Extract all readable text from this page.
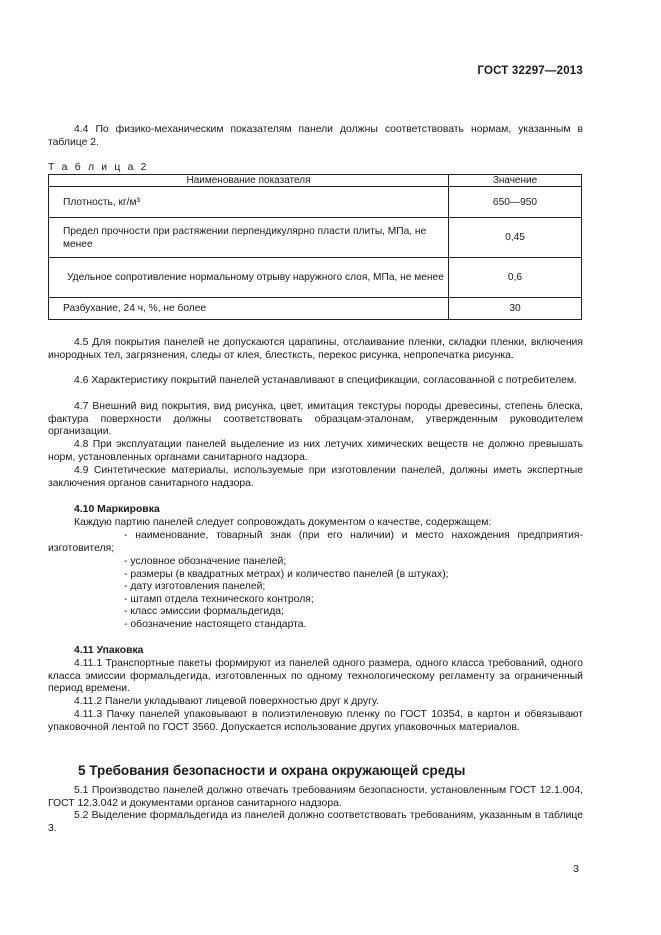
ГОСТ 32297—2013
4.4 По физико-механическим показателям панели должны соответствовать нормам, указанным в таблице 2.
Т а б л и ц а 2
Наименование показателя	Значение
Плотность, кг/м³	650—950
Предел прочности при растяжении перпендикулярно пласти плиты, МПа, не менее	0,45
Удельное сопротивление нормальному отрыву наружного слоя, МПа, не менее	0,6
Разбухание, 24 ч, %, не более	30
4.5 Для покрытия панелей не допускаются царапины, отслаивание пленки, складки пленки, включения инородных тел, загрязнения, следы от клея, блестксть, перекос рисунка, непропечатка рисунка.
4.6 Характеристику покрытий панелей устанавливают в спецификации, согласованной с потребителем.
4.7 Внешний вид покрытия, вид рисунка, цвет, имитация текстуры породы древесины, степень блеска, фактура поверхности должны соответствовать образцам-эталонам, утвержденным руководителем организации.
4.8 При эксплуатации панелей выделение из них летучих химических веществ не должно превышать норм, установленных органами санитарного надзора.
4.9 Синтетические материалы, используемые при изготовлении панелей, должны иметь экспертные заключения органов санитарного надзора.
4.10 Маркировка
Каждую партию панелей следует сопровождать документом о качестве, содержащем:
- наименование, товарный знак (при его наличии) и место нахождения предприятия-изготовителя;
- условное обозначение панелей;
- размеры (в квадратных метрах) и количество панелей (в штуках);
- дату изготовления панелей;
- штамп отдела технического контроля;
- класс эмиссии формальдегида;
- обозначение настоящего стандарта.
4.11 Упаковка
4.11.1 Транспортные пакеты формируют из панелей одного размера, одного класса требований, одного класса эмиссии формальдегида, изготовленных по одному технологическому регламенту за ограниченный период времени.
4.11.2 Панели укладывают лицевой поверхностью друг к другу.
4.11.3 Пачку панелей упаковывают в полиэтиленовую пленку по ГОСТ 10354, в картон и обвязывают упаковочной лентой по ГОСТ 3560. Допускается использование других упаковочных материалов.
5 Требования безопасности и охрана окружающей среды
5.1 Производство панелей должно отвечать требованиям безопасности, установленным ГОСТ 12.1.004, ГОСТ 12.3.042 и документами органов санитарного надзора.
5.2 Выделение формальдегида из панелей должно соответствовать требованиям, указанным в таблице 3.
3
